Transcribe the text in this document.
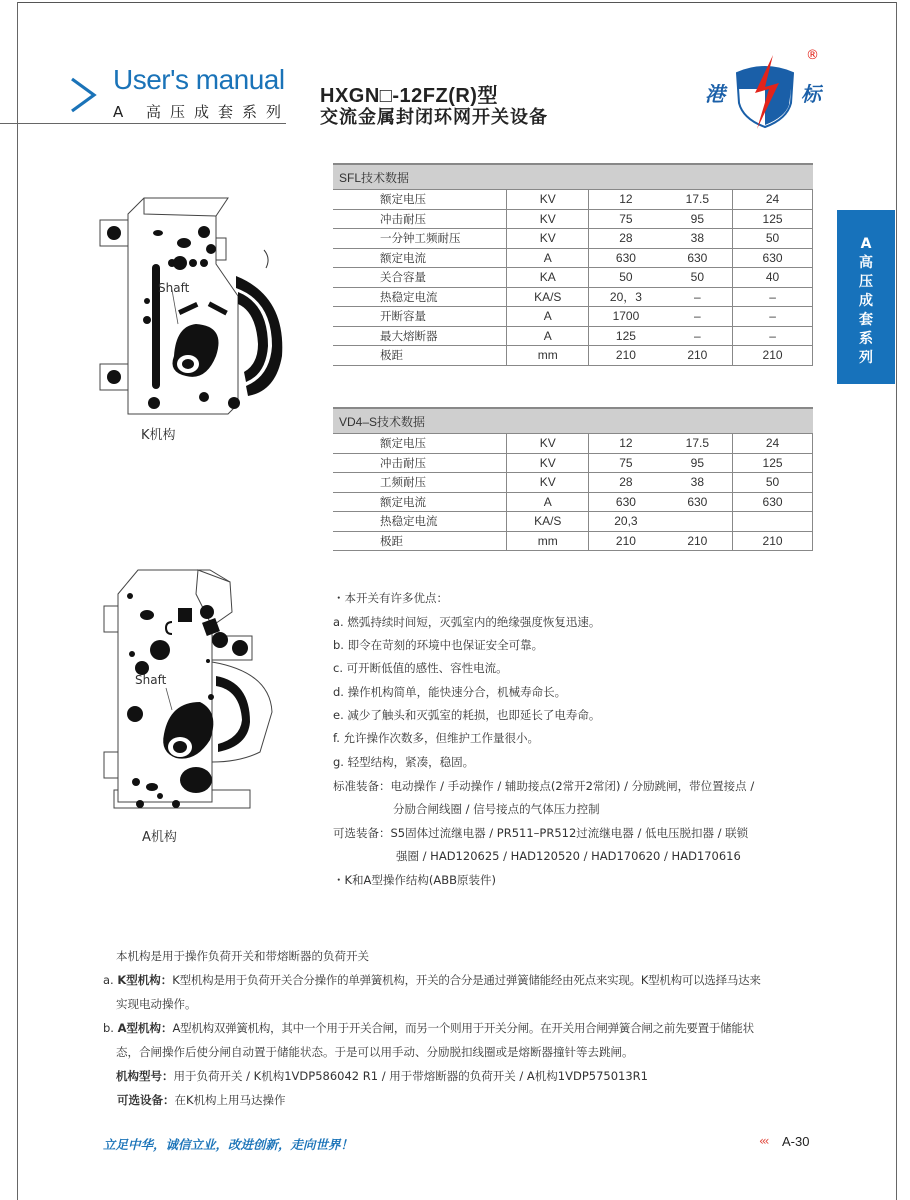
User's manual
A 高压成套系列
HXGN□-12FZ(R)型
交流金属封闭环网开关设备
港	标
®
A
高
压
成
套
系
列
SFL技术数据				
额定电压	KV	12	17.5	24
冲击耐压	KV	75	95	125
一分钟工频耐压	KV	28	38	50
额定电流	A	630	630	630
关合容量	KA	50	50	40
热稳定电流	KA/S	20，3	–	–
开断容量	A	1700	–	–
最大熔断器	A	125	–	–
极距	mm	210	210	210
VD4–S技术数据				
额定电压	KV	12	17.5	24
冲击耐压	KV	75	95	125
工频耐压	KV	28	38	50
额定电流	A	630	630	630
热稳定电流	KA/S	20,3		
极距	mm	210	210	210
Shaft
K机构
Shaft
A机构
・本开关有许多优点：
a. 燃弧持续时间短，灭弧室内的绝缘强度恢复迅速。
b. 即令在苛刻的环境中也保证安全可靠。
c. 可开断低值的感性、容性电流。
d. 操作机构简单，能快速分合，机械寿命长。
e. 减少了触头和灭弧室的耗损，也即延长了电寿命。
f. 允许操作次数多，但维护工作量很小。
g. 轻型结构，紧凑，稳固。
标准装备：电动操作 / 手动操作 / 辅助接点(2常开2常闭) / 分励跳闸，带位置接点 /
分励合闸线圈 / 信号接点的气体压力控制
可选装备：S5固体过流继电器 / PR511–PR512过流继电器 / 低电压脱扣器 / 联锁
强圈 / HAD120625 / HAD120520 / HAD170620 / HAD170616
・K和A型操作结构(ABB原装件)
本机构是用于操作负荷开关和带熔断器的负荷开关
a. K型机构：K型机构是用于负荷开关合分操作的单弹簧机构，开关的合分是通过弹簧储能经由死点来实现。K型机构可以选择马达来
实现电动操作。
b. A型机构：A型机构双弹簧机构，其中一个用于开关合闸，而另一个则用于开关分闸。在开关用合闸弹簧合闸之前先要置于储能状
态，合闸操作后使分闸自动置于储能状态。于是可以用手动、分励脱扣线圈或是熔断器撞针等去跳闸。
机构型号：用于负荷开关 / K机构1VDP586042 R1 / 用于带熔断器的负荷开关 / A机构1VDP575013R1
可选设备：在K机构上用马达操作
立足中华，诚信立业，改进创新，走向世界！	‹‹‹ A-30
